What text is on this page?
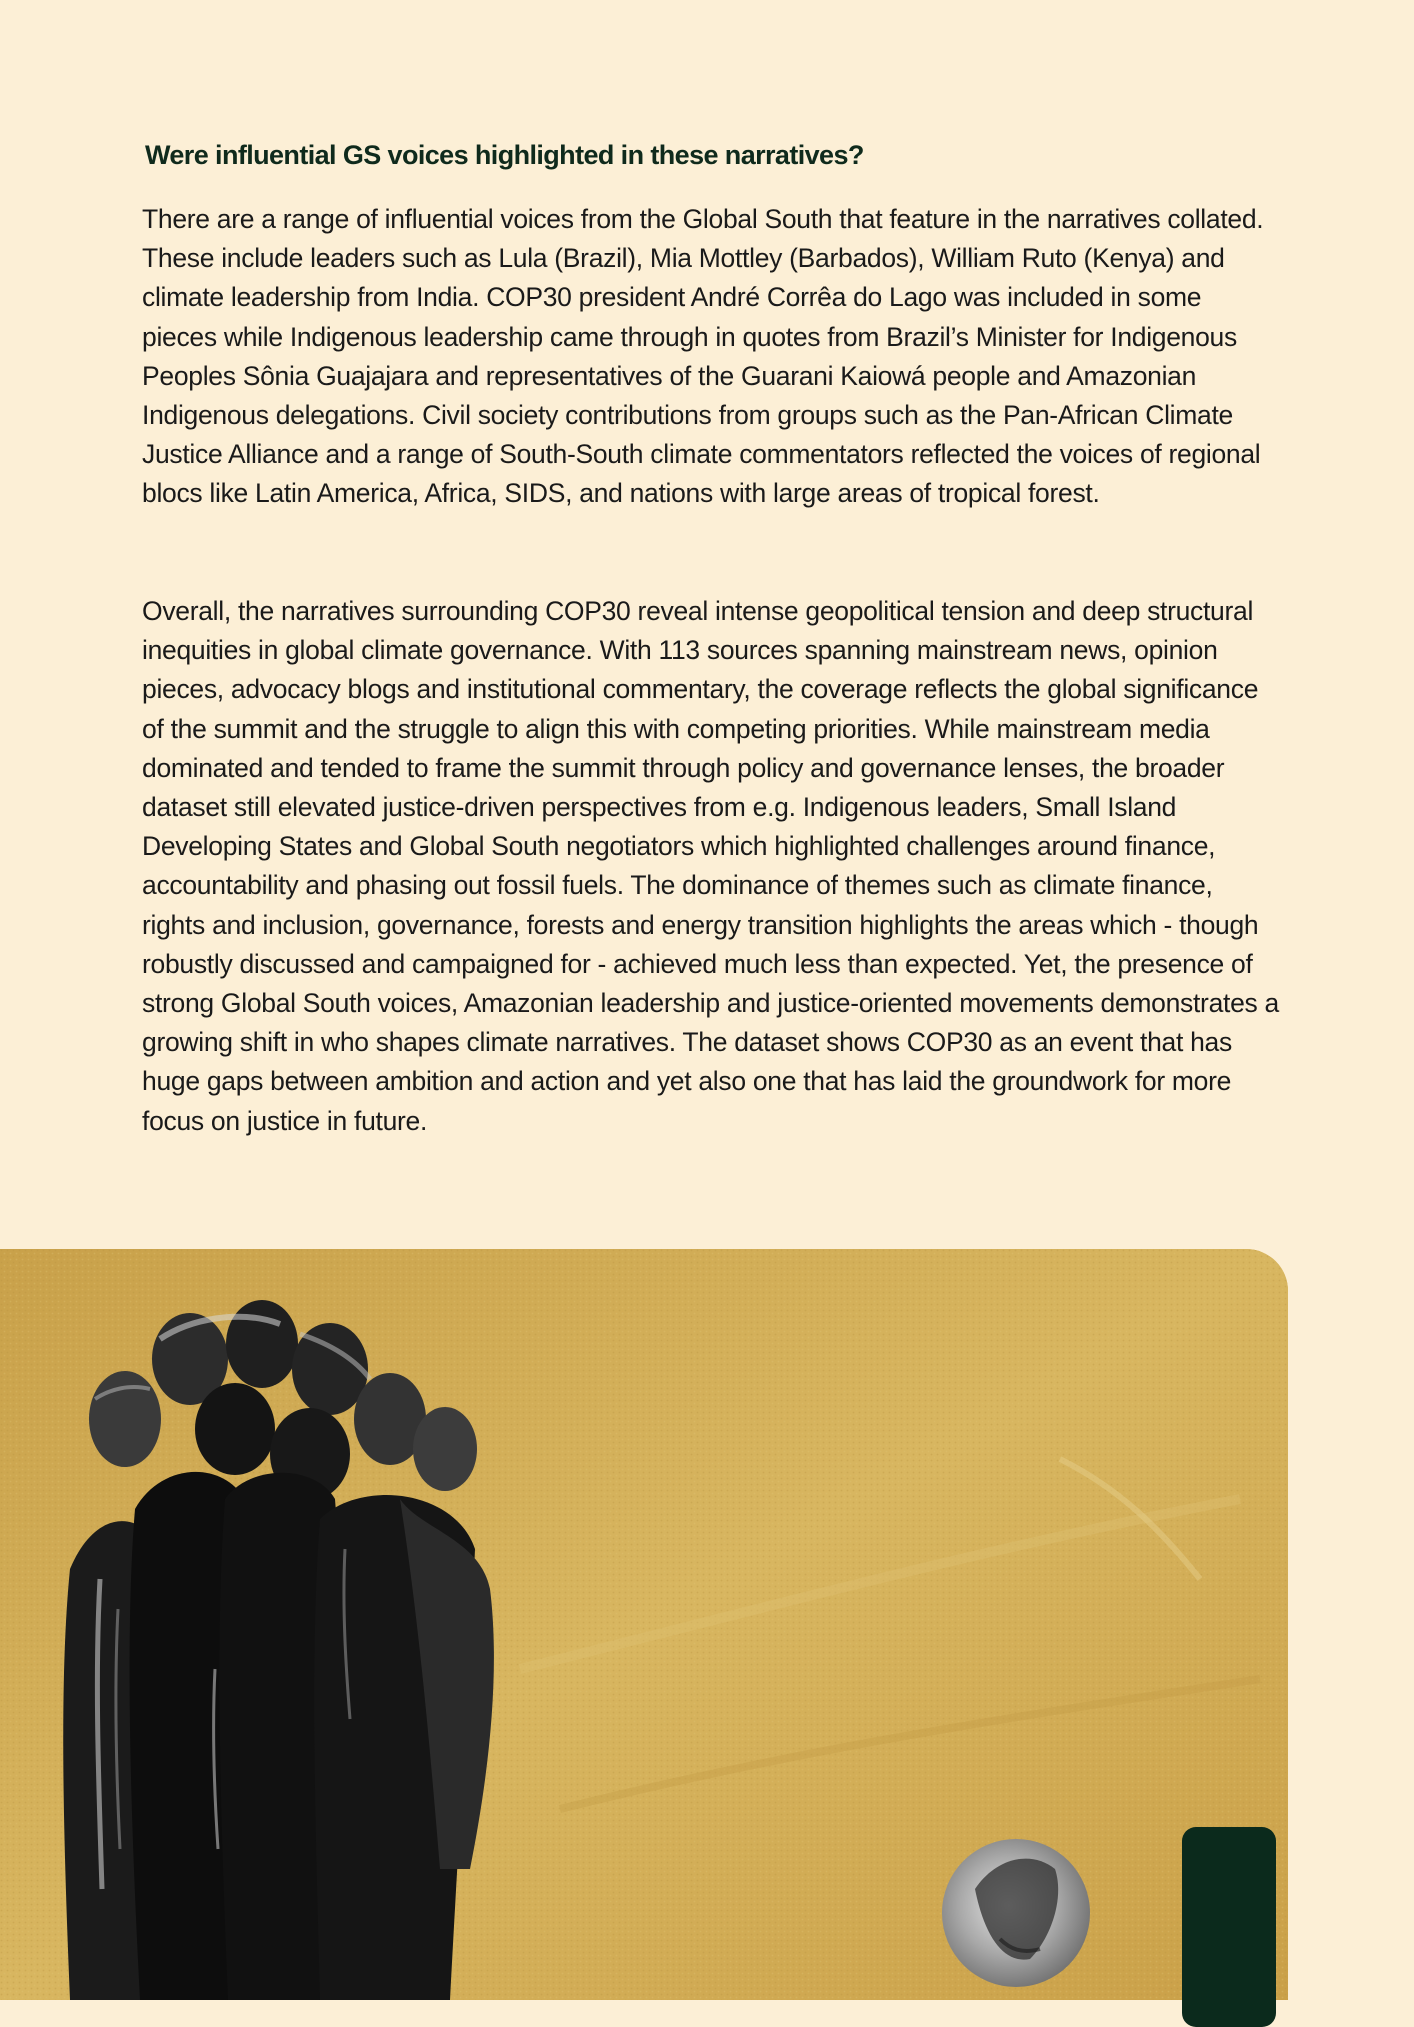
Were influential GS voices highlighted in these narratives?

There are a range of influential voices from the Global South that feature in the narratives collated. These include leaders such as Lula (Brazil), Mia Mottley (Barbados), William Ruto (Kenya) and climate leadership from India. COP30 president André Corrêa do Lago was included in some pieces while Indigenous leadership came through in quotes from Brazil’s Minister for Indigenous Peoples Sônia Guajajara and representatives of the Guarani Kaiowá people and Amazonian Indigenous delegations. Civil society contributions from groups such as the Pan-African Climate Justice Alliance and a range of South-South climate commentators reflected the voices of regional blocs like Latin America, Africa, SIDS, and nations with large areas of tropical forest.

Overall, the narratives surrounding COP30 reveal intense geopolitical tension and deep structural inequities in global climate governance. With 113 sources spanning mainstream news, opinion pieces, advocacy blogs and institutional commentary, the coverage reflects the global significance of the summit and the struggle to align this with competing priorities. While mainstream media dominated and tended to frame the summit through policy and governance lenses, the broader dataset still elevated justice-driven perspectives from e.g. Indigenous leaders, Small Island Developing States and Global South negotiators which highlighted challenges around finance, accountability and phasing out fossil fuels. The dominance of themes such as climate finance, rights and inclusion, governance, forests and energy transition highlights the areas which - though robustly discussed and campaigned for - achieved much less than expected. Yet, the presence of strong Global South voices, Amazonian leadership and justice-oriented movements demonstrates a growing shift in who shapes climate narratives. The dataset shows COP30 as an event that has huge gaps between ambition and action and yet also one that has laid the groundwork for more focus on justice in future.
